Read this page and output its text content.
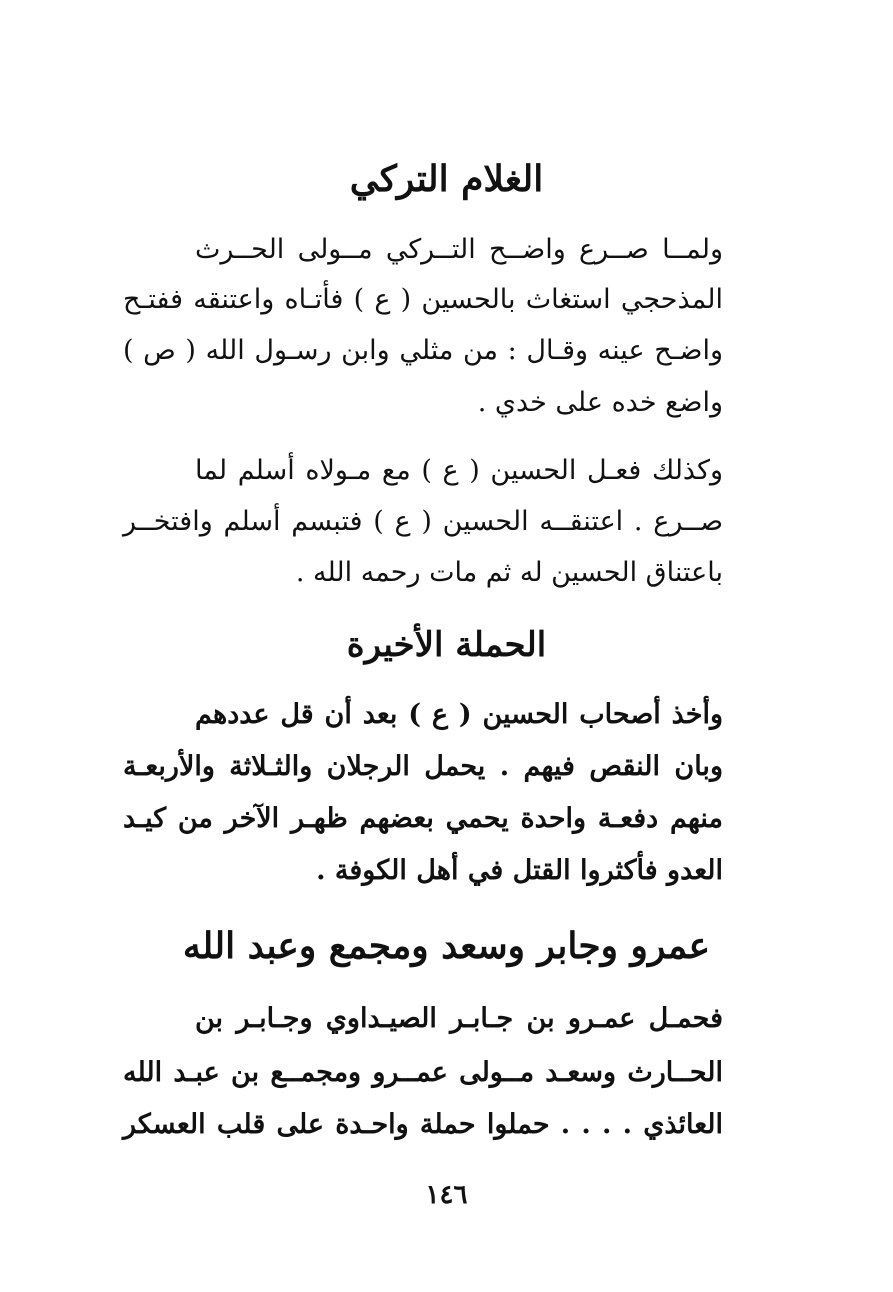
الغلام التركي

ولمــا صــرع واضــح التــركي مــولى الحــرث

المذحجي استغاث بالحسين ( ع ) فأتـاه واعتنقه ففتـح

واضـح عينه وقـال : من مثلي وابن رسـول الله ( ص )

واضع خده على خدي .

وكذلك فعـل الحسين ( ع ) مع مـولاه أسلم لما

صــرع . اعتنقــه الحسين ( ع ) فتبسم أسلم وافتخــر

باعتناق الحسين له ثم مات رحمه الله .

الحملة الأخيرة

وأخذ أصحاب الحسين ( ع ) بعد أن قل عددهم

وبان النقص فيهم . يحمل الرجلان والثـلاثة والأربعـة

منهم دفعـة واحدة يحمي بعضهم ظهـر الآخر من كيـد

العدو فأكثروا القتل في أهل الكوفة .

عمرو وجابر وسعد ومجمع وعبد الله

فحمـل عمـرو بن جـابـر الصيـداوي وجـابـر بن

الحــارث وسعـد مــولى عمــرو ومجمــع بن عبـد الله

العائذي . . . . حملوا حملة واحـدة على قلب العسكر

١٤٦
